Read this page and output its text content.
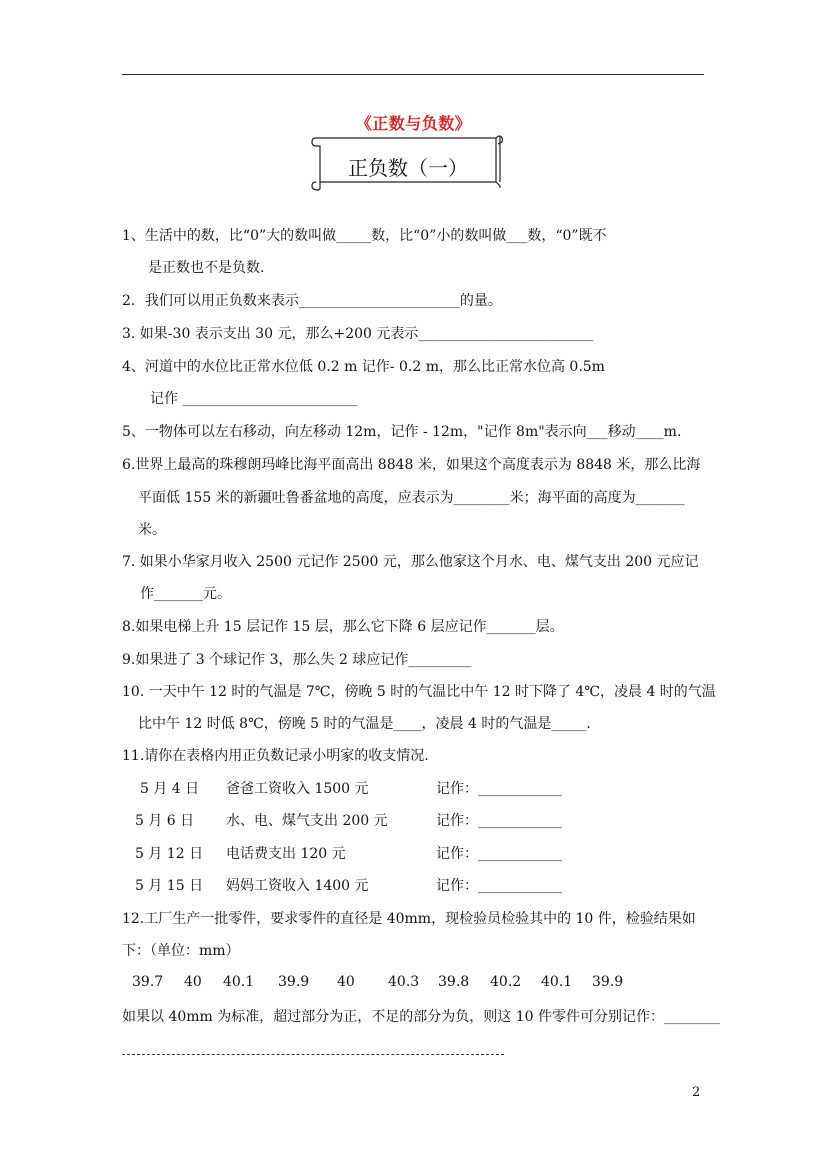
《正数与负数》
正负数（一）
1、生活中的数，比“0”大的数叫做_____数，比“0”小的数叫做___数，“0”既不
是正数也不是负数.
2．我们可以用正负数来表示_______________________的量。
3. 如果-30 表示支出 30 元，那么+200 元表示_________________________
4、河道中的水位比正常水位低 0.2 m 记作- 0.2 m，那么比正常水位高 0.5m
记作 _________________________
5、一物体可以左右移动，向左移动 12m，记作 - 12m，"记作 8m"表示向___移动____m.
6.世界上最高的珠穆朗玛峰比海平面高出 8848 米，如果这个高度表示为 8848 米，那么比海
平面低 155 米的新疆吐鲁番盆地的高度，应表示为________米；海平面的高度为_______
米。
7. 如果小华家月收入 2500 元记作 2500 元，那么他家这个月水、电、煤气支出 200 元应记
作_______元。
8.如果电梯上升 15 层记作 15 层，那么它下降 6 层应记作_______层。
9.如果进了 3 个球记作 3，那么失 2 球应记作_________
10. 一天中午 12 时的气温是 7℃，傍晚 5 时的气温比中午 12 时下降了 4℃，凌晨 4 时的气温
比中午 12 时低 8℃，傍晚 5 时的气温是____，凌晨 4 时的气温是_____.
11.请你在表格内用正负数记录小明家的收支情况.
5 月 4 日 爸爸工资收入 1500 元	记作：____________
5 月 6 日 水、电、煤气支出 200 元	记作：____________
5 月 12 日 电话费支出 120 元	记作：____________
5 月 15 日 妈妈工资收入 1400 元	记作：____________
12.工厂生产一批零件，要求零件的直径是 40mm，现检验员检验其中的 10 件，检验结果如
下：（单位：mm）
39.7 40 40.1 39.9 40 40.3 39.8 40.2 40.1 39.9
如果以 40mm 为标准，超过部分为正，不足的部分为负，则这 10 件零件可分别记作：________
2
